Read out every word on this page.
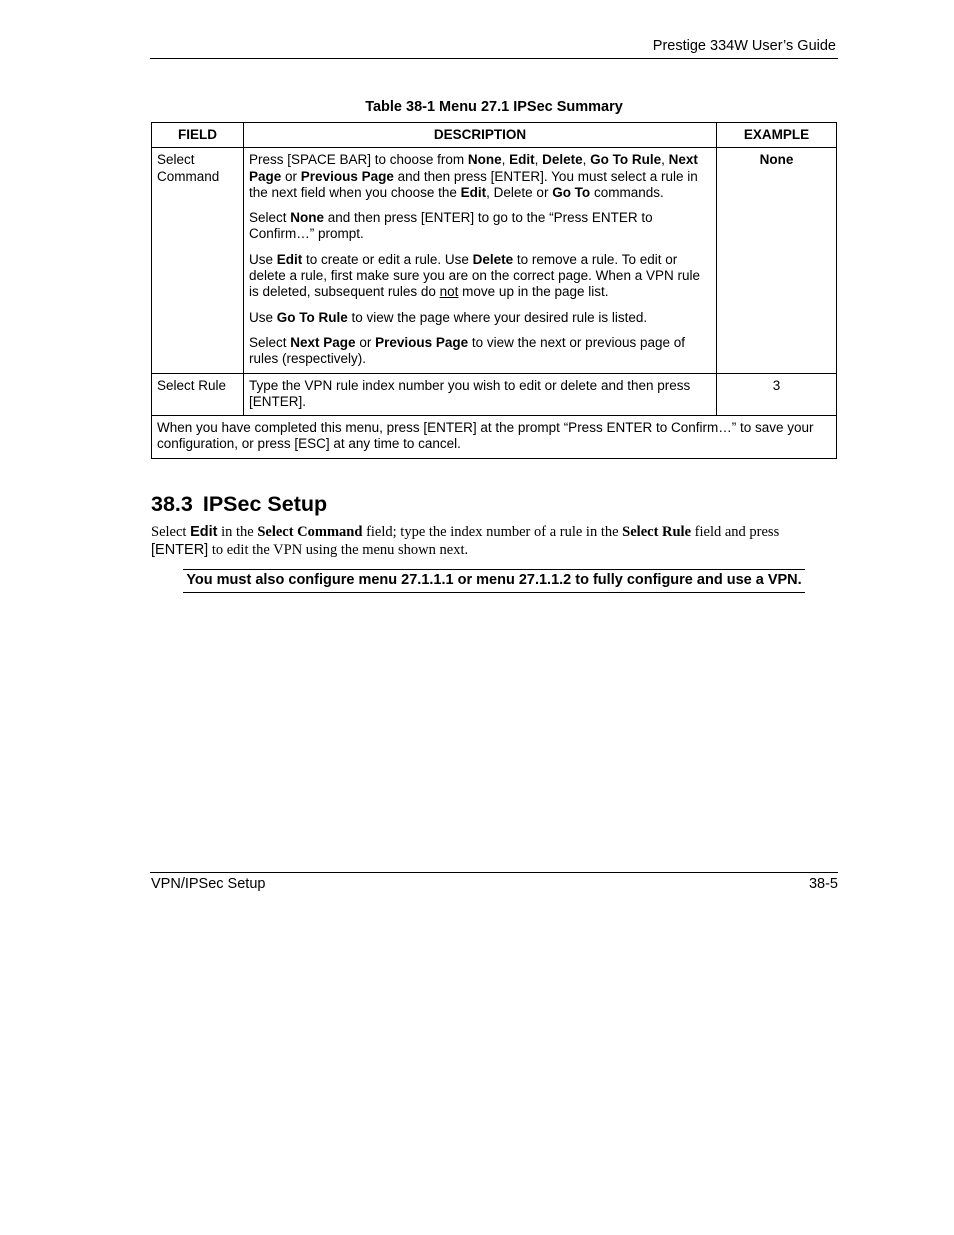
Prestige 334W User’s Guide
Table 38-1 Menu 27.1 IPSec Summary
FIELD	DESCRIPTION	EXAMPLE
Select Command	Press [SPACE BAR] to choose from None, Edit, Delete, Go To Rule, Next Page or Previous Page and then press [ENTER]. You must select a rule in the next field when you choose the Edit, Delete or Go To commands.

Select None and then press [ENTER] to go to the “Press ENTER to Confirm…” prompt.

Use Edit to create or edit a rule. Use Delete to remove a rule. To edit or delete a rule, first make sure you are on the correct page. When a VPN rule is deleted, subsequent rules do not move up in the page list.

Use Go To Rule to view the page where your desired rule is listed.

Select Next Page or Previous Page to view the next or previous page of rules (respectively).	None
Select Rule	Type the VPN rule index number you wish to edit or delete and then press [ENTER].	3
When you have completed this menu, press [ENTER] at the prompt “Press ENTER to Confirm…” to save your configuration, or press [ESC] at any time to cancel.		
38.3 IPSec Setup
Select Edit in the Select Command field; type the index number of a rule in the Select Rule field and press [ENTER] to edit the VPN using the menu shown next.
You must also configure menu 27.1.1.1 or menu 27.1.1.2 to fully configure and use a VPN.
VPN/IPSec Setup	38-5
